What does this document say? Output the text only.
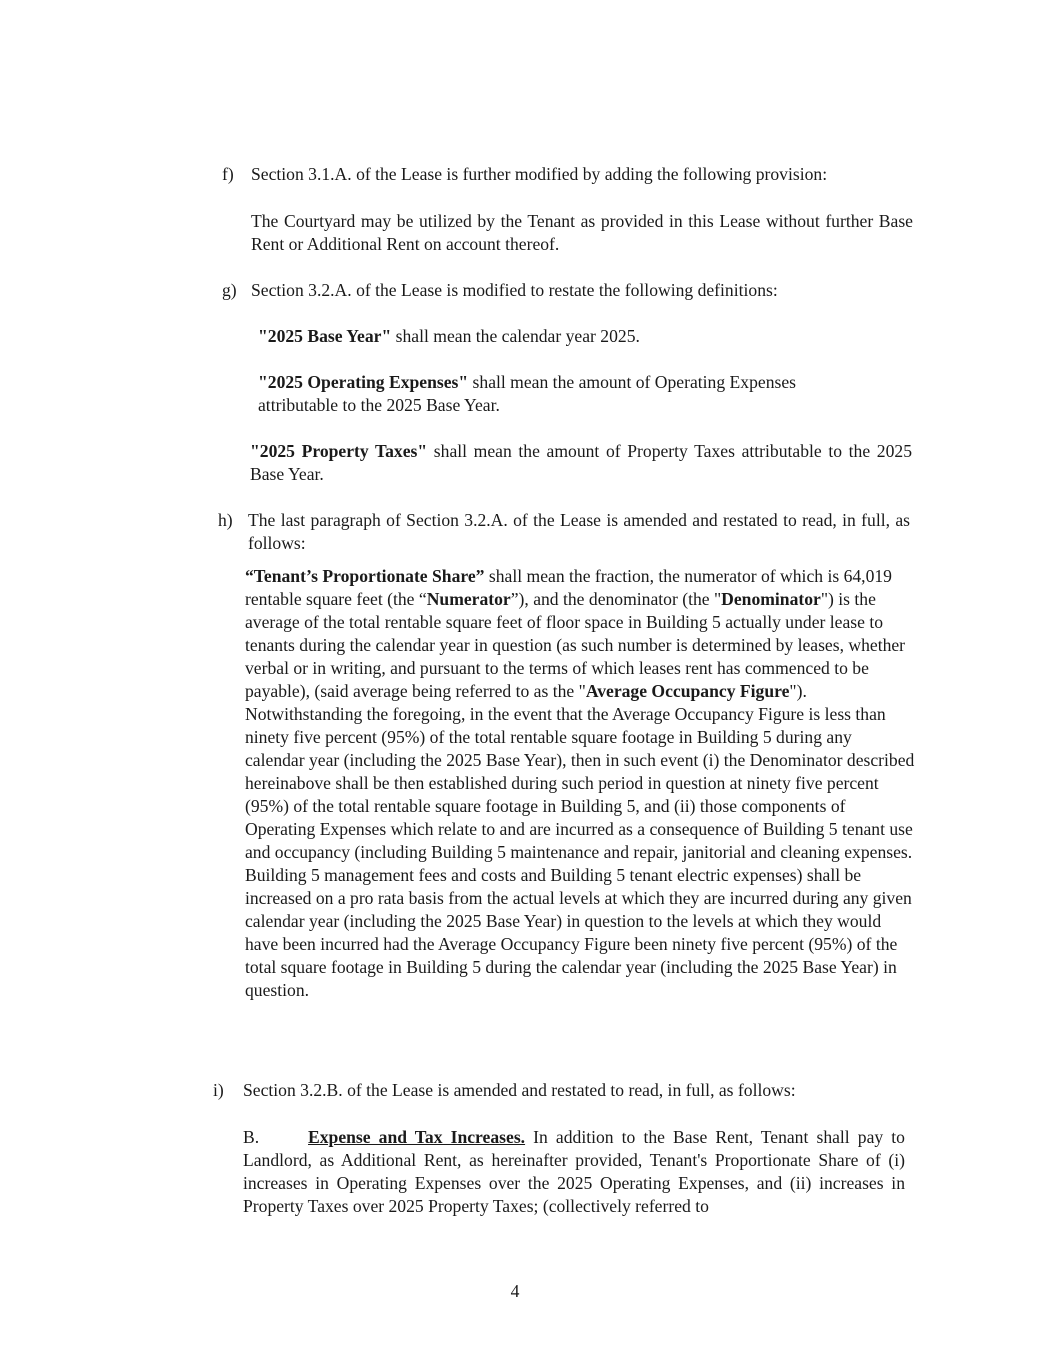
f) Section 3.1.A. of the Lease is further modified by adding the following provision:

The Courtyard may be utilized by the Tenant as provided in this Lease without further Base Rent or Additional Rent on account thereof.

g) Section 3.2.A. of the Lease is modified to restate the following definitions:

"2025 Base Year" shall mean the calendar year 2025.

"2025 Operating Expenses" shall mean the amount of Operating Expenses attributable to the 2025 Base Year.

"2025 Property Taxes" shall mean the amount of Property Taxes attributable to the 2025 Base Year.

h) The last paragraph of Section 3.2.A. of the Lease is amended and restated to read, in full, as follows:

“Tenant’s Proportionate Share” shall mean the fraction, the numerator of which is 64,019 rentable square feet (the “Numerator”), and the denominator (the "Denominator") is the average of the total rentable square feet of floor space in Building 5 actually under lease to tenants during the calendar year in question (as such number is determined by leases, whether verbal or in writing, and pursuant to the terms of which leases rent has commenced to be payable), (said average being referred to as the "Average Occupancy Figure"). Notwithstanding the foregoing, in the event that the Average Occupancy Figure is less than ninety five percent (95%) of the total rentable square footage in Building 5 during any calendar year (including the 2025 Base Year), then in such event (i) the Denominator described hereinabove shall be then established during such period in question at ninety five percent (95%) of the total rentable square footage in Building 5, and (ii) those components of Operating Expenses which relate to and are incurred as a consequence of Building 5 tenant use and occupancy (including Building 5 maintenance and repair, janitorial and cleaning expenses. Building 5 management fees and costs and Building 5 tenant electric expenses) shall be increased on a pro rata basis from the actual levels at which they are incurred during any given calendar year (including the 2025 Base Year) in question to the levels at which they would have been incurred had the Average Occupancy Figure been ninety five percent (95%) of the total square footage in Building 5 during the calendar year (including the 2025 Base Year) in question.

i) Section 3.2.B. of the Lease is amended and restated to read, in full, as follows:

B.	Expense and Tax Increases. In addition to the Base Rent, Tenant shall pay to Landlord, as Additional Rent, as hereinafter provided, Tenant's Proportionate Share of (i) increases in Operating Expenses over the 2025 Operating Expenses, and (ii) increases in Property Taxes over 2025 Property Taxes; (collectively referred to

4
